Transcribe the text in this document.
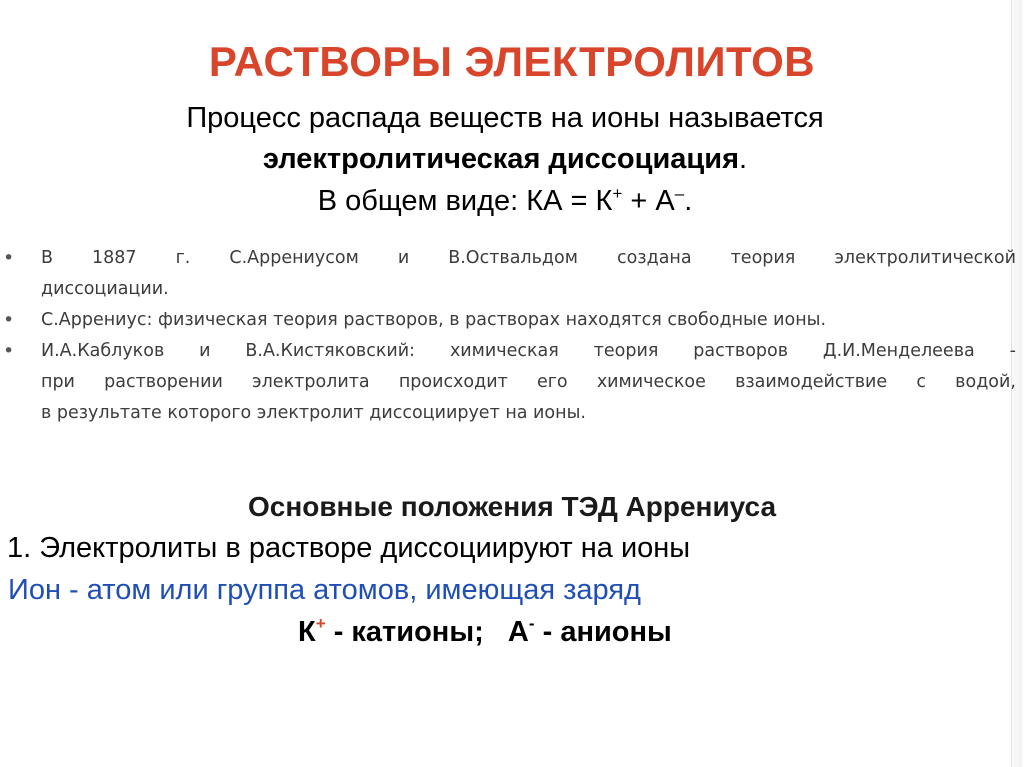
РАСТВОРЫ ЭЛЕКТРОЛИТОВ
Процесс распада веществ на ионы называется
электролитическая диссоциация.
В общем виде: КА = К+ + А–.
• В 1887 г. С.Аррениусом и В.Оствальдом создана теория электролитической
диссоциации.
• С.Аррениус: физическая теория растворов, в растворах находятся свободные ионы.
• И.А.Каблуков и В.А.Кистяковский: химическая теория растворов Д.И.Менделеева -
при растворении электролита происходит его химическое взаимодействие с водой,
в результате которого электролит диссоциирует на ионы.
Основные положения ТЭД Аррениуса
1. Электролиты в растворе диссоциируют на ионы
Ион - атом или группа атомов, имеющая заряд
К+ - катионы;   А- - анионы
